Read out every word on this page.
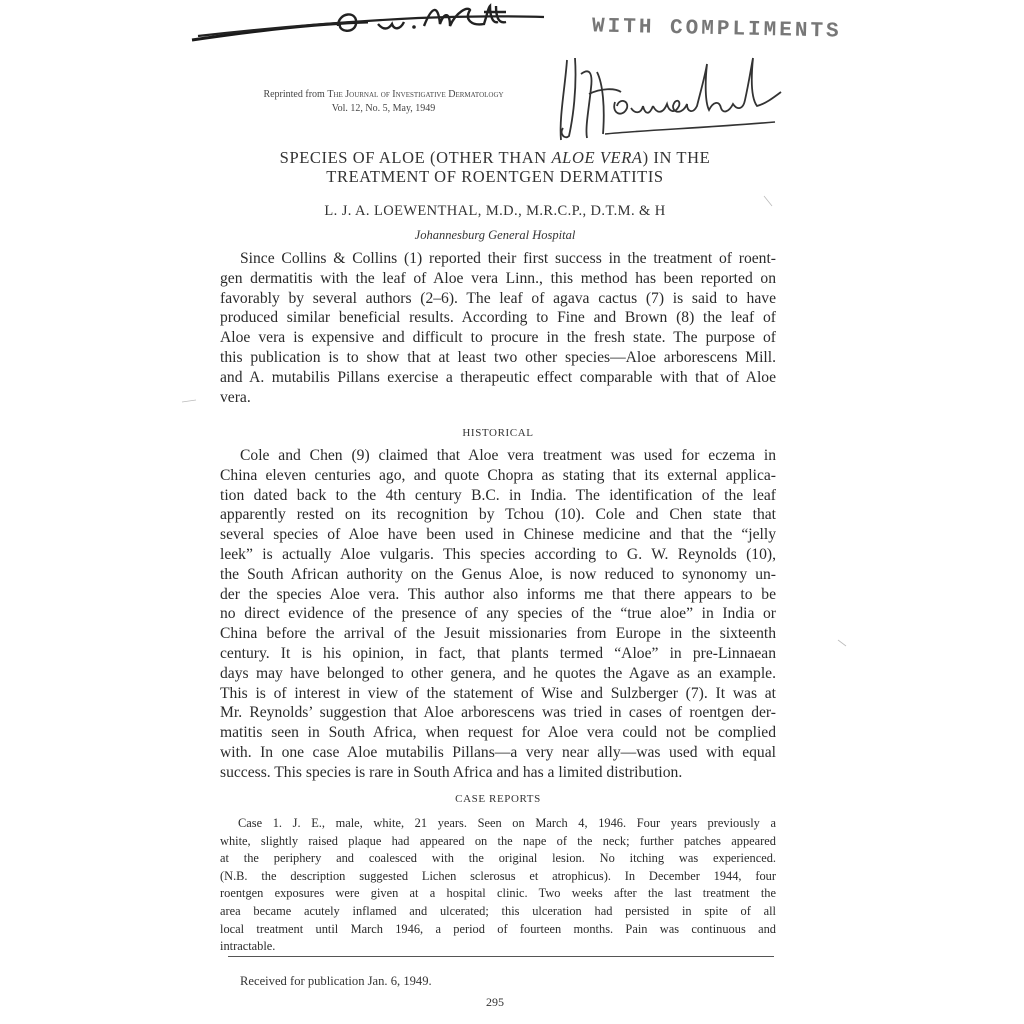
WITH COMPLIMENTS
Reprinted from The Journal of Investigative Dermatology
Vol. 12, No. 5, May, 1949
SPECIES OF ALOE (OTHER THAN ALOE VERA) IN THE
TREATMENT OF ROENTGEN DERMATITIS
L. J. A. LOEWENTHAL, M.D., M.R.C.P., D.T.M. & H
Johannesburg General Hospital
Since Collins & Collins (1) reported their first success in the treatment of roent-
gen dermatitis with the leaf of Aloe vera Linn., this method has been reported on
favorably by several authors (2–6). The leaf of agava cactus (7) is said to have
produced similar beneficial results. According to Fine and Brown (8) the leaf of
Aloe vera is expensive and difficult to procure in the fresh state. The purpose of
this publication is to show that at least two other species—Aloe arborescens Mill.
and A. mutabilis Pillans exercise a therapeutic effect comparable with that of Aloe
vera.
HISTORICAL
Cole and Chen (9) claimed that Aloe vera treatment was used for eczema in
China eleven centuries ago, and quote Chopra as stating that its external applica-
tion dated back to the 4th century B.C. in India. The identification of the leaf
apparently rested on its recognition by Tchou (10). Cole and Chen state that
several species of Aloe have been used in Chinese medicine and that the “jelly
leek” is actually Aloe vulgaris. This species according to G. W. Reynolds (10),
the South African authority on the Genus Aloe, is now reduced to synonomy un-
der the species Aloe vera. This author also informs me that there appears to be
no direct evidence of the presence of any species of the “true aloe” in India or
China before the arrival of the Jesuit missionaries from Europe in the sixteenth
century. It is his opinion, in fact, that plants termed “Aloe” in pre-Linnaean
days may have belonged to other genera, and he quotes the Agave as an example.
This is of interest in view of the statement of Wise and Sulzberger (7). It was at
Mr. Reynolds’ suggestion that Aloe arborescens was tried in cases of roentgen der-
matitis seen in South Africa, when request for Aloe vera could not be complied
with. In one case Aloe mutabilis Pillans—a very near ally—was used with equal
success. This species is rare in South Africa and has a limited distribution.
CASE REPORTS
Case 1. J. E., male, white, 21 years. Seen on March 4, 1946. Four years previously a
white, slightly raised plaque had appeared on the nape of the neck; further patches appeared
at the periphery and coalesced with the original lesion. No itching was experienced.
(N.B. the description suggested Lichen sclerosus et atrophicus). In December 1944, four
roentgen exposures were given at a hospital clinic. Two weeks after the last treatment the
area became acutely inflamed and ulcerated; this ulceration had persisted in spite of all
local treatment until March 1946, a period of fourteen months. Pain was continuous and
intractable.
Received for publication Jan. 6, 1949.
295
